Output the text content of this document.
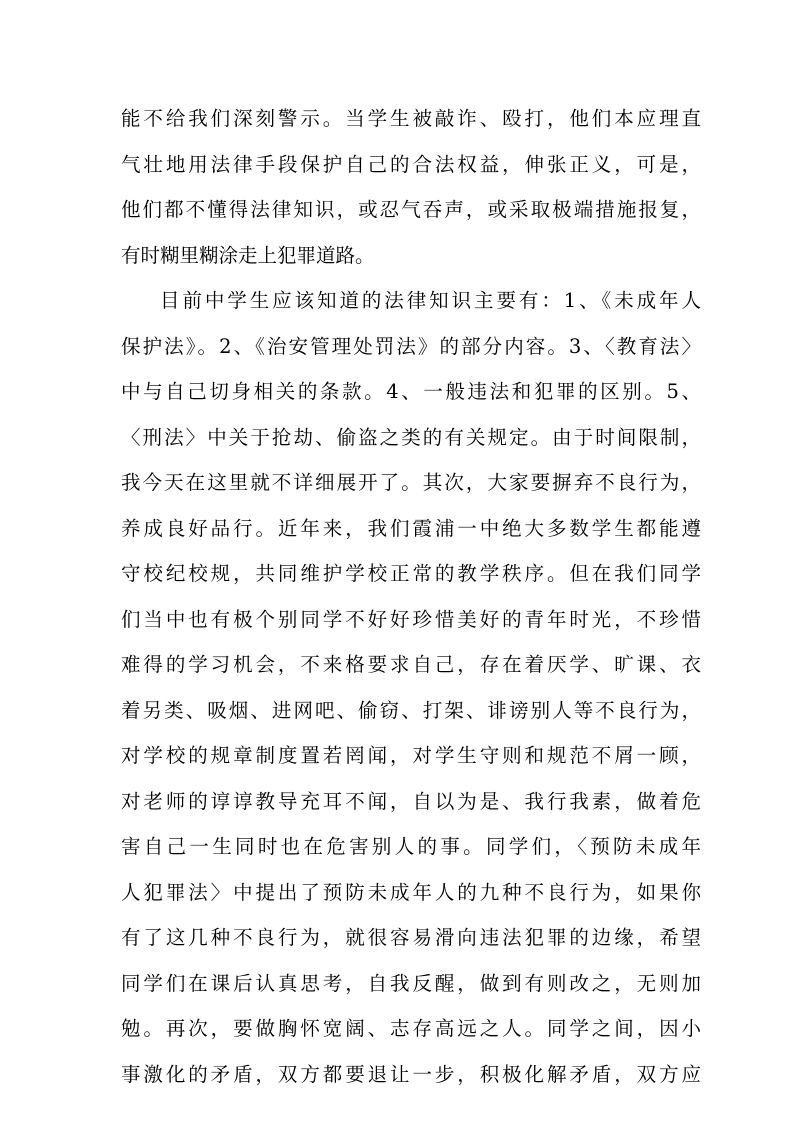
能不给我们深刻警示。当学生被敲诈、殴打，他们本应理直
气壮地用法律手段保护自己的合法权益，伸张正义，可是，
他们都不懂得法律知识，或忍气吞声，或采取极端措施报复，
有时糊里糊涂走上犯罪道路。
目前中学生应该知道的法律知识主要有：1、《未成年人
保护法》。2、《治安管理处罚法》的部分内容。3、〈教育法〉
中与自己切身相关的条款。4、一般违法和犯罪的区别。5、
〈刑法〉中关于抢劫、偷盗之类的有关规定。由于时间限制，
我今天在这里就不详细展开了。其次，大家要摒弃不良行为，
养成良好品行。近年来，我们霞浦一中绝大多数学生都能遵
守校纪校规，共同维护学校正常的教学秩序。但在我们同学
们当中也有极个别同学不好好珍惜美好的青年时光，不珍惜
难得的学习机会，不来格要求自己，存在着厌学、旷课、衣
着另类、吸烟、进网吧、偷窃、打架、诽谤别人等不良行为，
对学校的规章制度置若罔闻，对学生守则和规范不屑一顾，
对老师的谆谆教导充耳不闻，自以为是、我行我素，做着危
害自己一生同时也在危害别人的事。同学们，〈预防未成年
人犯罪法〉中提出了预防未成年人的九种不良行为，如果你
有了这几种不良行为，就很容易滑向违法犯罪的边缘，希望
同学们在课后认真思考，自我反醒，做到有则改之，无则加
勉。再次，要做胸怀宽阔、志存高远之人。同学之间，因小
事激化的矛盾，双方都要退让一步，积极化解矛盾，双方应
